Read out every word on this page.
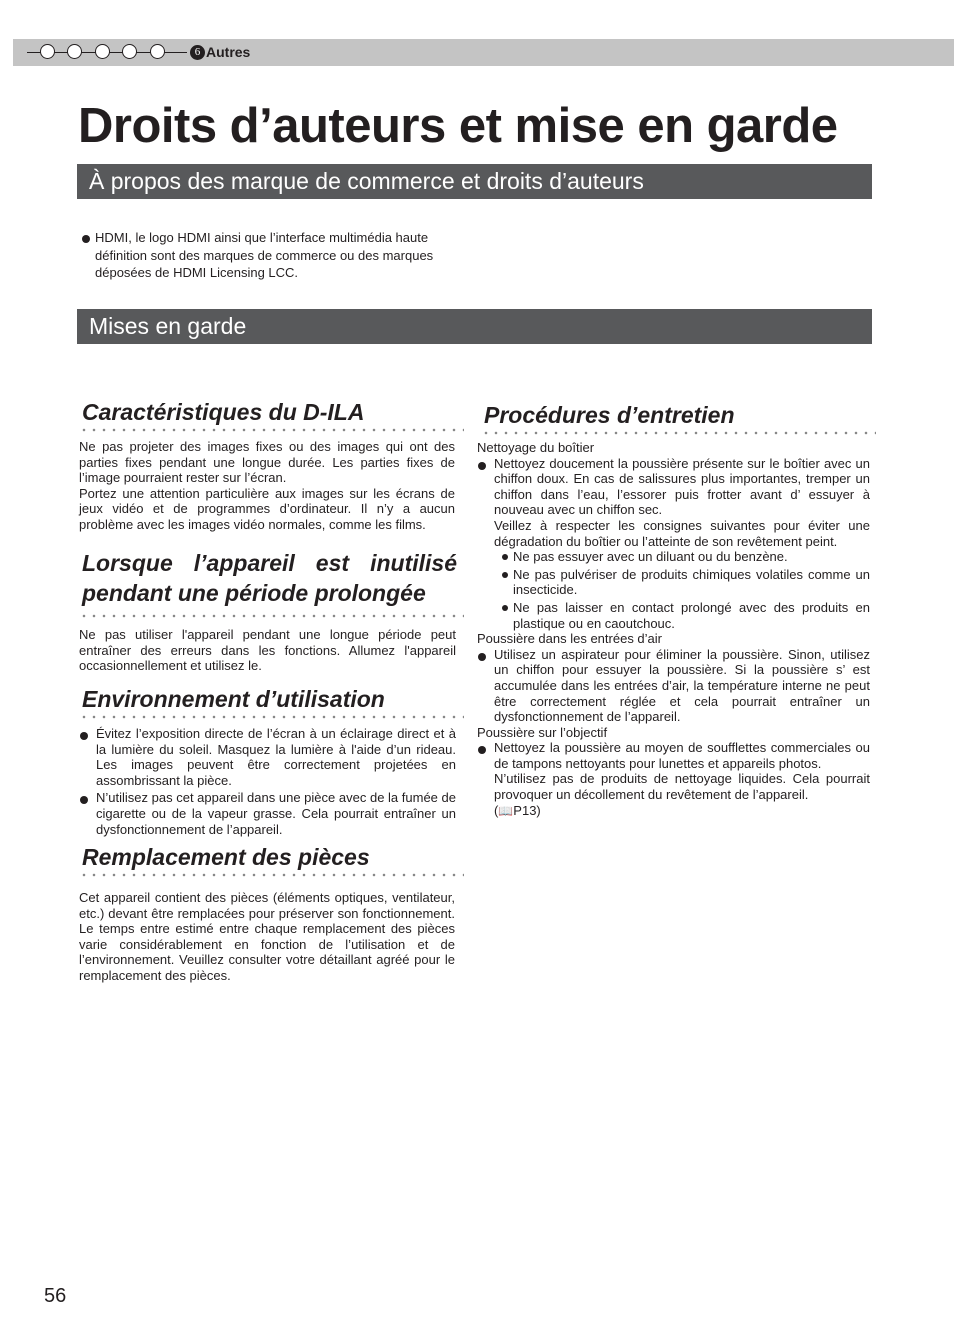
6 Autres
Droits d’auteurs et mise en garde
À propos des marque de commerce et droits d’auteurs
HDMI, le logo HDMI ainsi que l’interface multimédia haute définition sont des marques de commerce ou des marques déposées de HDMI Licensing LCC.
Mises en garde
Caractéristiques du D-ILA

Ne pas projeter des images fixes ou des images qui ont des parties fixes pendant une longue durée. Les parties fixes de l’image pourraient rester sur l’écran.

Portez une attention particulière aux images sur les écrans de jeux vidéo et de programmes d’ordinateur. Il n’y a aucun problème avec les images vidéo normales, comme les films.

Lorsque l’appareil est inutilisé pendant une période prolongée

Ne pas utiliser l'appareil pendant une longue période peut entraîner des erreurs dans les fonctions. Allumez l'appareil occasionnellement et utilisez le.

Environnement d’utilisation
Évitez l’exposition directe de l’écran à un éclairage direct et à la lumière du soleil. Masquez la lumière à l'aide d’un rideau. Les images peuvent être correctement projetées en assombrissant la pièce.
N’utilisez pas cet appareil dans une pièce avec de la fumée de cigarette ou de la vapeur grasse. Cela pourrait entraîner un dysfonctionnement de l’appareil.
Remplacement des pièces

Cet appareil contient des pièces (éléments optiques, ventilateur, etc.) devant être remplacées pour préserver son fonctionnement. Le temps entre estimé entre chaque remplacement des pièces varie considérablement en fonction de l’utilisation et de l’environnement. Veuillez consulter votre détaillant agréé pour le remplacement des pièces.

Procédures d’entretien

Nettoyage du boîtier

Nettoyez doucement la poussière présente sur le boîtier avec un chiffon doux. En cas de salissures plus importantes, tremper un chiffon dans l’eau, l’essorer puis frotter avant d’ essuyer à nouveau avec un chiffon sec.

Veillez à respecter les consignes suivantes pour éviter une dégradation du boîtier ou l’atteinte de son revêtement peint.

Ne pas essuyer avec un diluant ou du benzène.
Ne pas pulvériser de produits chimiques volatiles comme un insecticide.
Ne pas laisser en contact prolongé avec des produits en plastique ou en caoutchouc.

Poussière dans les entrées d’air

Utilisez un aspirateur pour éliminer la poussière. Sinon, utilisez un chiffon pour essuyer la poussière. Si la poussière s’ est accumulée dans les entrées d’air, la température interne ne peut être correctement réglée et cela pourrait entraîner un dysfonctionnement de l’appareil.

Poussière sur l’objectif

Nettoyez la poussière au moyen de soufflettes commerciales ou de tampons nettoyants pour lunettes et appareils photos.

N’utilisez pas de produits de nettoyage liquides. Cela pourrait provoquer un décollement du revêtement de l’appareil.

(📖P13)

56
